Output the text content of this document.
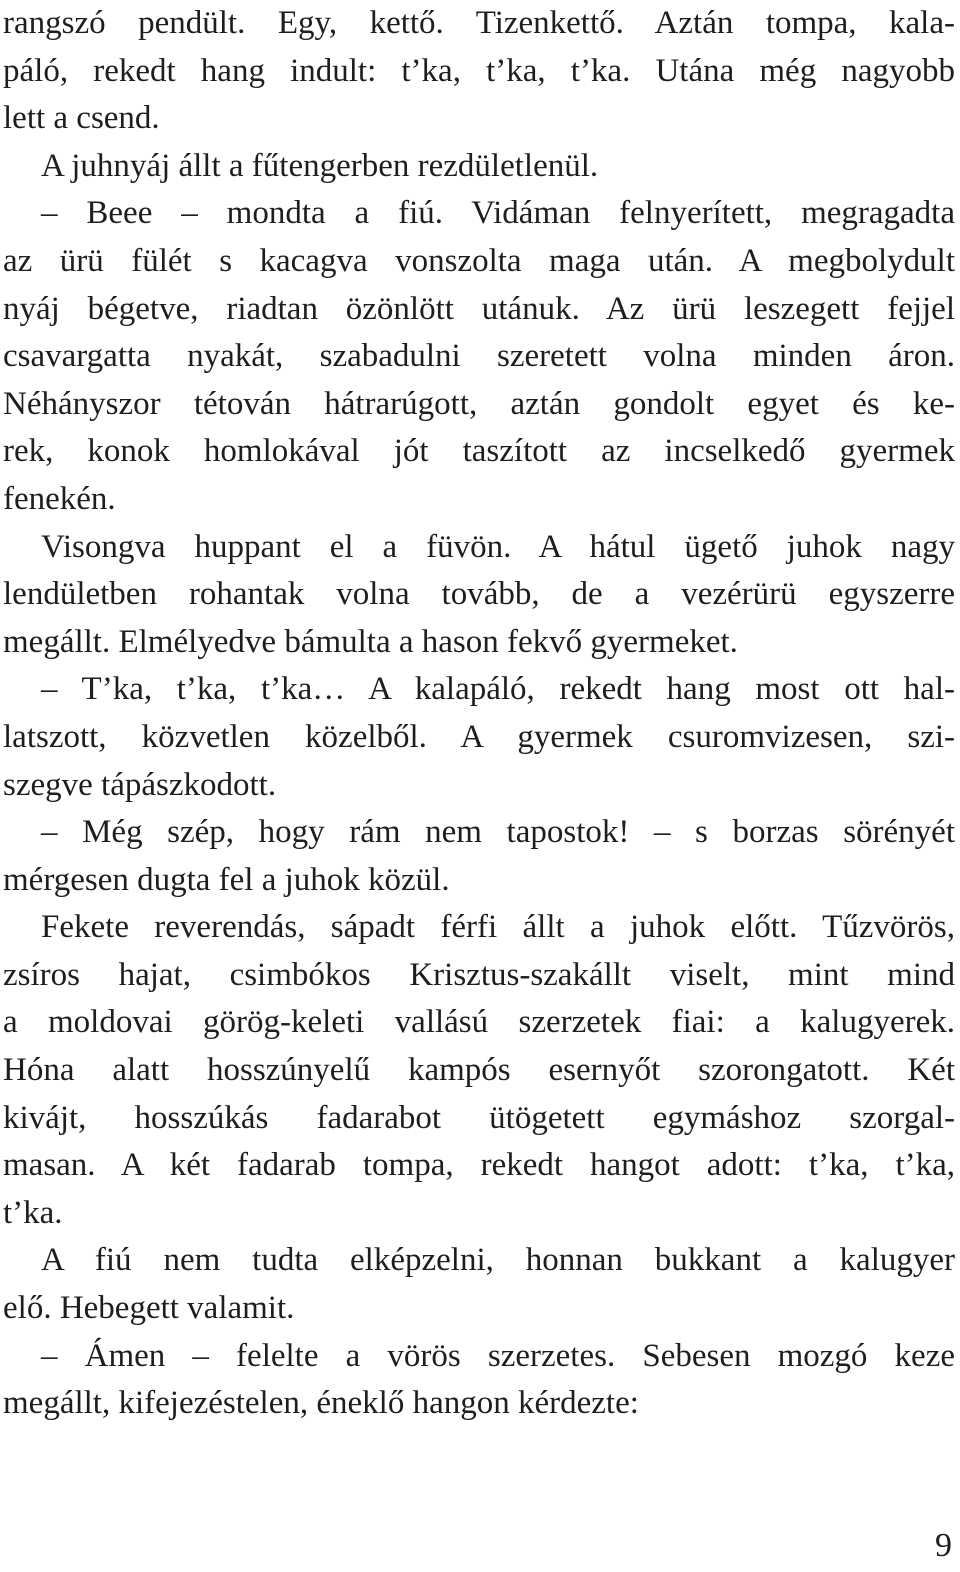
rangszó pendült. Egy, kettő. Tizenkettő. Aztán tompa, kala-
páló, rekedt hang indult: t’ka, t’ka, t’ka. Utána még nagyobb
lett a csend.
A juhnyáj állt a fűtengerben rezdületlenül.
– Beee – mondta a fiú. Vidáman felnyerített, megragadta
az ürü fülét s kacagva vonszolta maga után. A megbolydult
nyáj bégetve, riadtan özönlött utánuk. Az ürü leszegett fejjel
csavargatta nyakát, szabadulni szeretett volna minden áron.
Néhányszor tétován hátrarúgott, aztán gondolt egyet és ke-
rek, konok homlokával jót taszított az incselkedő gyermek
fenekén.
Visongva huppant el a füvön. A hátul ügető juhok nagy
lendületben rohantak volna tovább, de a vezérürü egyszerre
megállt. Elmélyedve bámulta a hason fekvő gyermeket.
– T’ka, t’ka, t’ka… A kalapáló, rekedt hang most ott hal-
latszott, közvetlen közelből. A gyermek csuromvizesen, szi-
szegve tápászkodott.
– Még szép, hogy rám nem tapostok! – s borzas sörényét
mérgesen dugta fel a juhok közül.
Fekete reverendás, sápadt férfi állt a juhok előtt. Tűzvörös,
zsíros hajat, csimbókos Krisztus-szakállt viselt, mint mind
a moldovai görög-keleti vallású szerzetek fiai: a kalugyerek.
Hóna alatt hosszúnyelű kampós esernyőt szorongatott. Két
kivájt, hosszúkás fadarabot ütögetett egymáshoz szorgal-
masan. A két fadarab tompa, rekedt hangot adott: t’ka, t’ka,
t’ka.
A fiú nem tudta elképzelni, honnan bukkant a kalugyer
elő. Hebegett valamit.
– Ámen – felelte a vörös szerzetes. Sebesen mozgó keze
megállt, kifejezéstelen, éneklő hangon kérdezte:
9
